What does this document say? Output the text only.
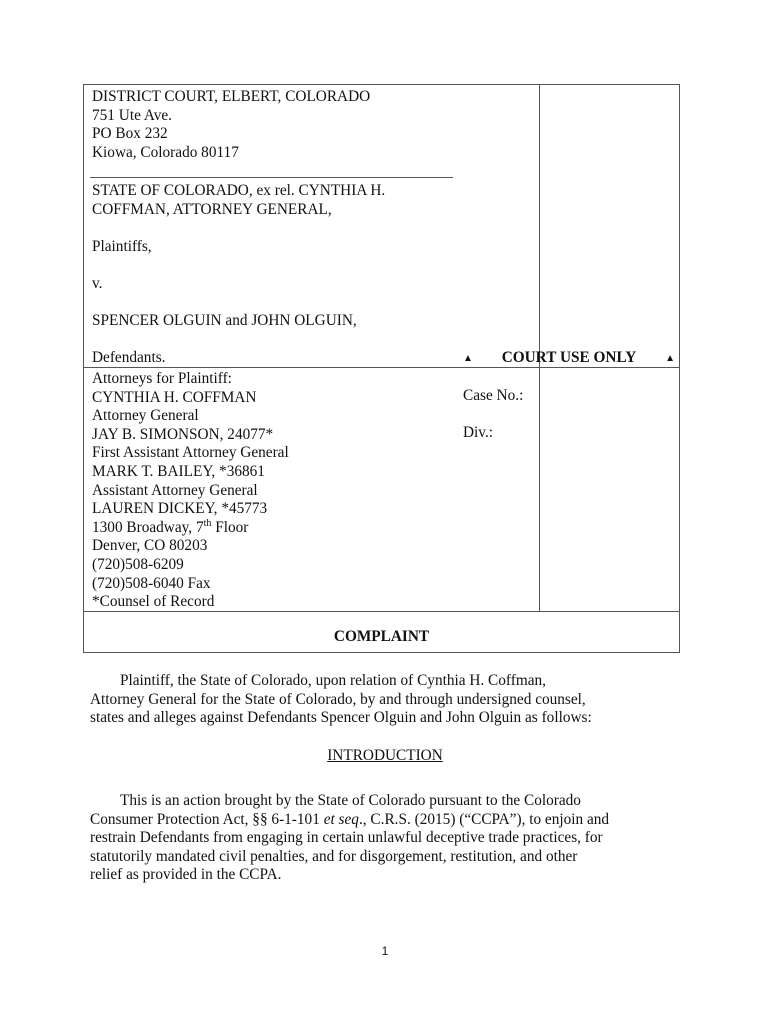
DISTRICT COURT, ELBERT, COLORADO
751 Ute Ave.
PO Box 232
Kiowa, Colorado 80117
STATE OF COLORADO, ex rel. CYNTHIA H.
COFFMAN, ATTORNEY GENERAL,
Plaintiffs,
v.
SPENCER OLGUIN and JOHN OLGUIN,
Defendants.	▲ COURT USE ONLY	▲
Attorneys for Plaintiff:
CYNTHIA H. COFFMAN
Attorney General
JAY B. SIMONSON, 24077*
First Assistant Attorney General
MARK T. BAILEY, *36861
Assistant Attorney General
LAUREN DICKEY, *45773
1300 Broadway, 7th Floor
Denver, CO 80203
(720)508-6209
(720)508-6040 Fax
*Counsel of Record
Case No.:
Div.:
COMPLAINT
Plaintiff, the State of Colorado, upon relation of Cynthia H. Coffman,
Attorney General for the State of Colorado, by and through undersigned counsel,
states and alleges against Defendants Spencer Olguin and John Olguin as follows:
INTRODUCTION
This is an action brought by the State of Colorado pursuant to the Colorado
Consumer Protection Act, §§ 6-1-101 et seq., C.R.S. (2015) (“CCPA”), to enjoin and
restrain Defendants from engaging in certain unlawful deceptive trade practices, for
statutorily mandated civil penalties, and for disgorgement, restitution, and other
relief as provided in the CCPA.
1
